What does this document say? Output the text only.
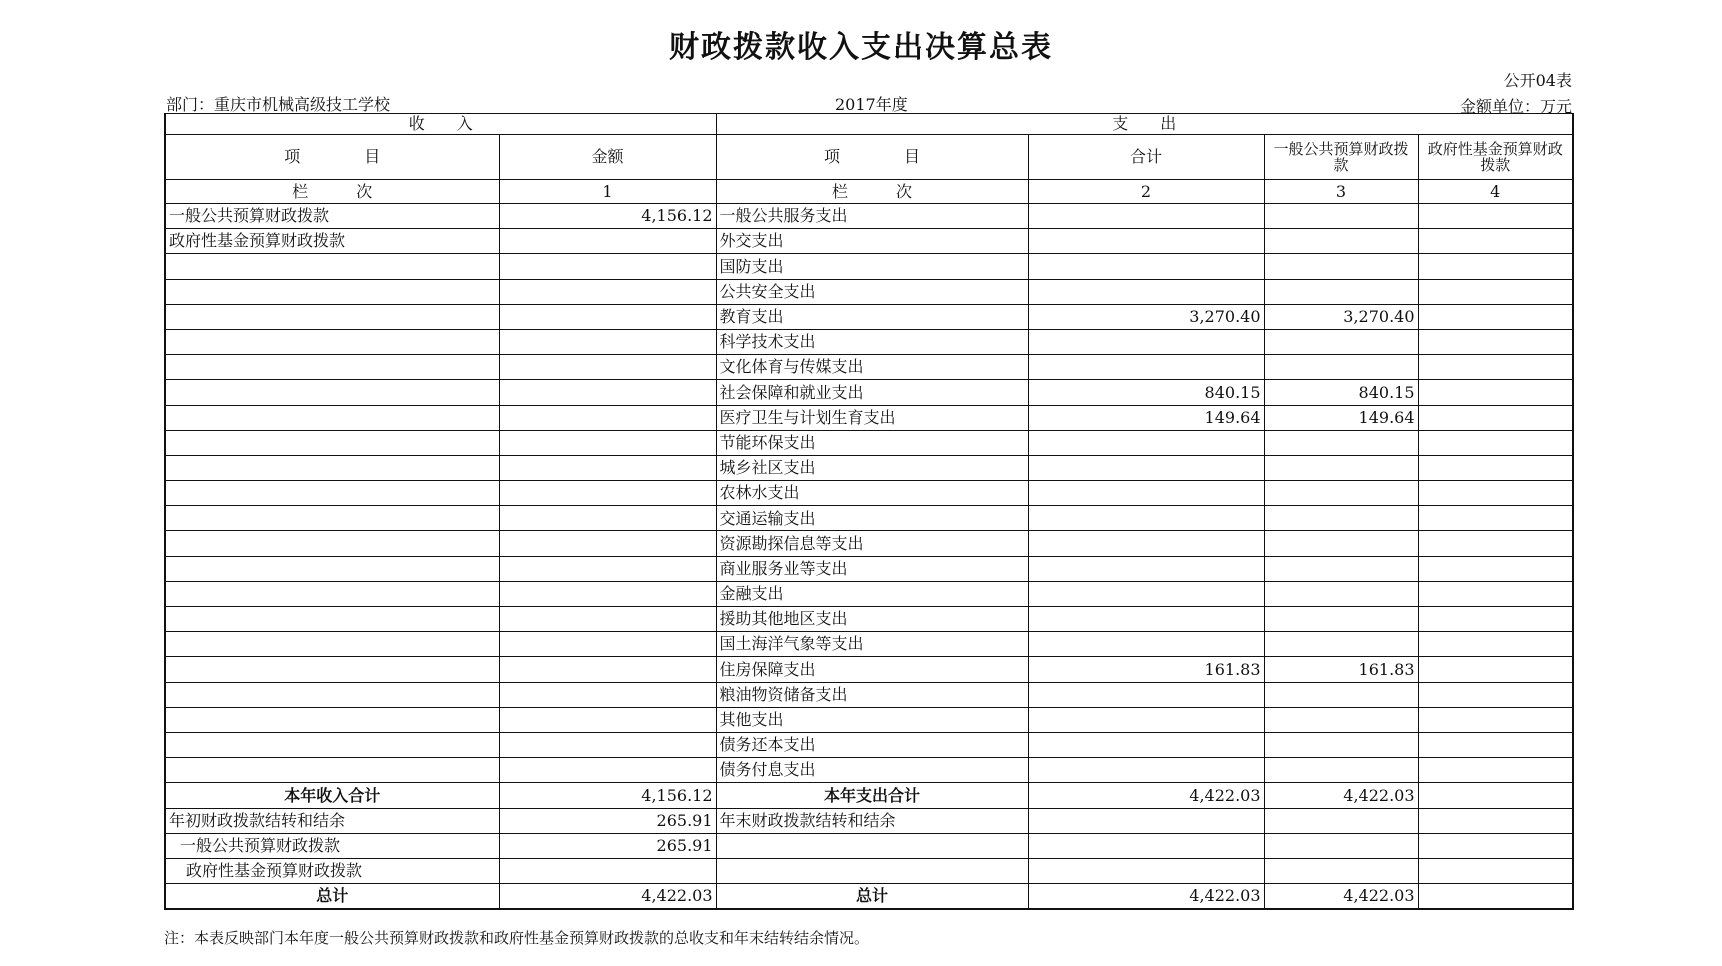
财政拨款收入支出决算总表
公开04表
部门：重庆市机械高级技工学校	2017年度	金额单位：万元
收　　入		支　　出			
项　　　　目	金额	项　　　　目	合计	一般公共预算财政拨款	政府性基金预算财政拨款
栏　　　次	1	栏　　　次	2	3	4
一般公共预算财政拨款	4,156.12	一般公共服务支出			
政府性基金预算财政拨款		外交支出			
		国防支出			
		公共安全支出			
		教育支出	3,270.40	3,270.40	
		科学技术支出			
		文化体育与传媒支出			
		社会保障和就业支出	840.15	840.15	
		医疗卫生与计划生育支出	149.64	149.64	
		节能环保支出			
		城乡社区支出			
		农林水支出			
		交通运输支出			
		资源勘探信息等支出			
		商业服务业等支出			
		金融支出			
		援助其他地区支出			
		国土海洋气象等支出			
		住房保障支出	161.83	161.83	
		粮油物资储备支出			
		其他支出			
		债务还本支出			
		债务付息支出			
本年收入合计	4,156.12	本年支出合计	4,422.03	4,422.03	
年初财政拨款结转和结余	265.91	年末财政拨款结转和结余			
一般公共预算财政拨款	265.91				
政府性基金预算财政拨款					
总计	4,422.03	总计	4,422.03	4,422.03	
注：本表反映部门本年度一般公共预算财政拨款和政府性基金预算财政拨款的总收支和年末结转结余情况。
